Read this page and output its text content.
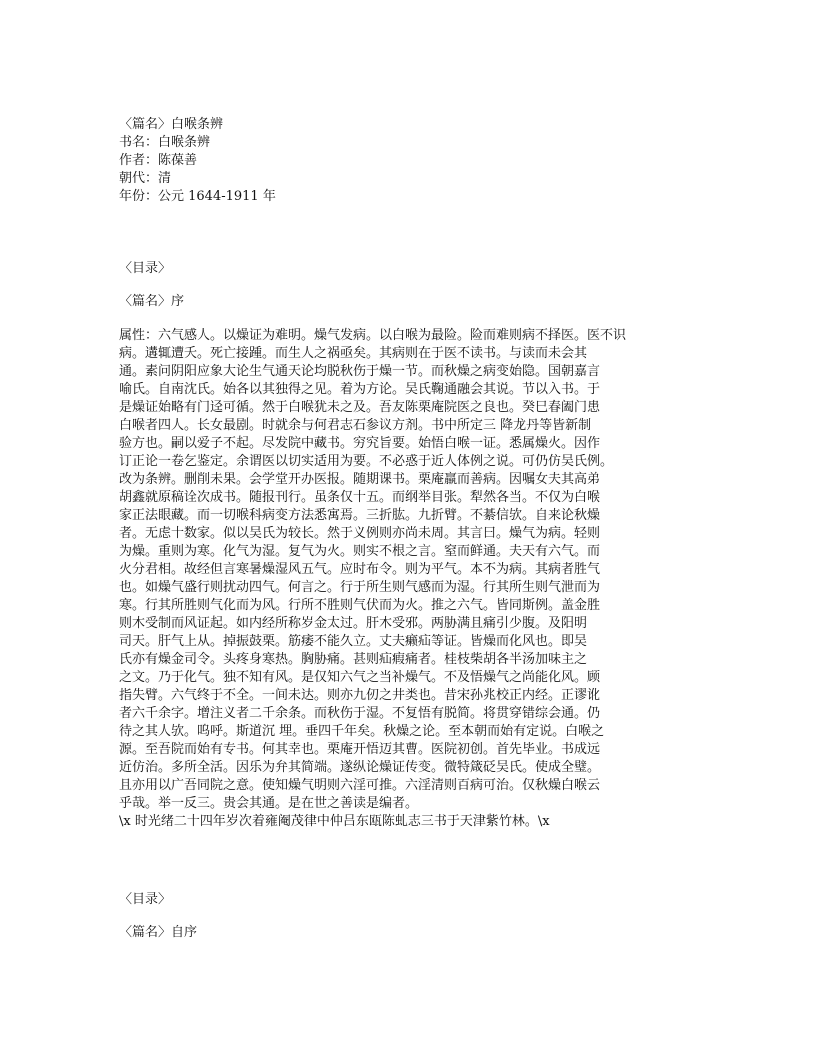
〈篇名〉白喉条辨
书名：白喉条辨
作者：陈葆善
朝代：清
年份：公元 1644-1911 年
〈目录〉
〈篇名〉序
属性：六气感人。以燥证为难明。燥气发病。以白喉为最险。险而难则病不择医。医不识
病。遘辄遭夭。死亡接踵。而生人之祸亟矣。其病则在于医不读书。与读而未会其
通。素问阴阳应象大论生气通天论均脱秋伤于燥一节。而秋燥之病变始隐。国朝嘉言
喻氏。自南沈氏。始各以其独得之见。着为方论。吴氏鞠通融会其说。节以入书。于
是燥证始略有门迳可循。然于白喉犹未之及。吾友陈栗庵院医之良也。癸巳春阖门患
白喉者四人。长女最剧。时就余与何君志石参议方剂。书中所定三 降龙丹等皆新制
验方也。嗣以爱子不起。尽发院中藏书。穷究旨要。始悟白喉一证。悉属燥火。因作
订正论一卷乞鉴定。余谓医以切实适用为要。不必惑于近人体例之说。可仍仿吴氏例。
改为条辨。删削未果。会学堂开办医报。随期课书。栗庵羸而善病。因嘱女夫其高弟
胡鑫就原稿诠次成书。随报刊行。虽条仅十五。而纲举目张。犁然各当。不仅为白喉
家正法眼藏。而一切喉科病变方法悉寓焉。三折肱。九折臂。不綦信欤。自来论秋燥
者。无虑十数家。似以吴氏为较长。然于义例则亦尚未周。其言曰。燥气为病。轻则
为燥。重则为寒。化气为湿。复气为火。则实不根之言。窒而鲜通。夫天有六气。而
火分君相。故经但言寒暑燥湿风五气。应时布令。则为平气。本不为病。其病者胜气
也。如燥气盛行则扰动四气。何言之。行于所生则气感而为湿。行其所生则气泄而为
寒。行其所胜则气化而为风。行所不胜则气伏而为火。推之六气。皆同斯例。盖金胜
则木受制而风证起。如内经所称岁金太过。肝木受邪。两胁满且痛引少腹。及阳明
司天。肝气上从。掉振鼓栗。筋痿不能久立。丈夫癞疝等证。皆燥而化风也。即吴
氏亦有燥金司令。头疼身寒热。胸胁痛。甚则疝瘕痛者。桂枝柴胡各半汤加味主之
之文。乃于化气。独不知有风。是仅知六气之当补燥气。不及悟燥气之尚能化风。顾
指失臂。六气终于不全。一间未达。则亦九仞之井类也。昔宋孙兆校正内经。正谬讹
者六千余字。增注义者二千余条。而秋伤于湿。不复悟有脱简。将贯穿错综会通。仍
待之其人欤。呜呼。斯道沉 埋。垂四千年矣。秋燥之论。至本朝而始有定说。白喉之
源。至吾院而始有专书。何其幸也。栗庵开悟迈其曹。医院初创。首先毕业。书成远
近仿治。多所全活。因乐为弁其简端。遂纵论燥证传变。微特箴砭吴氏。使成全璧。
且亦用以广吾同院之意。使知燥气明则六淫可推。六淫清则百病可治。仅秋燥白喉云
乎哉。举一反三。贵会其通。是在世之善读是编者。
\x 时光绪二十四年岁次着雍阉茂律中仲吕东瓯陈虬志三书于天津紫竹林。\x
〈目录〉
〈篇名〉自序
